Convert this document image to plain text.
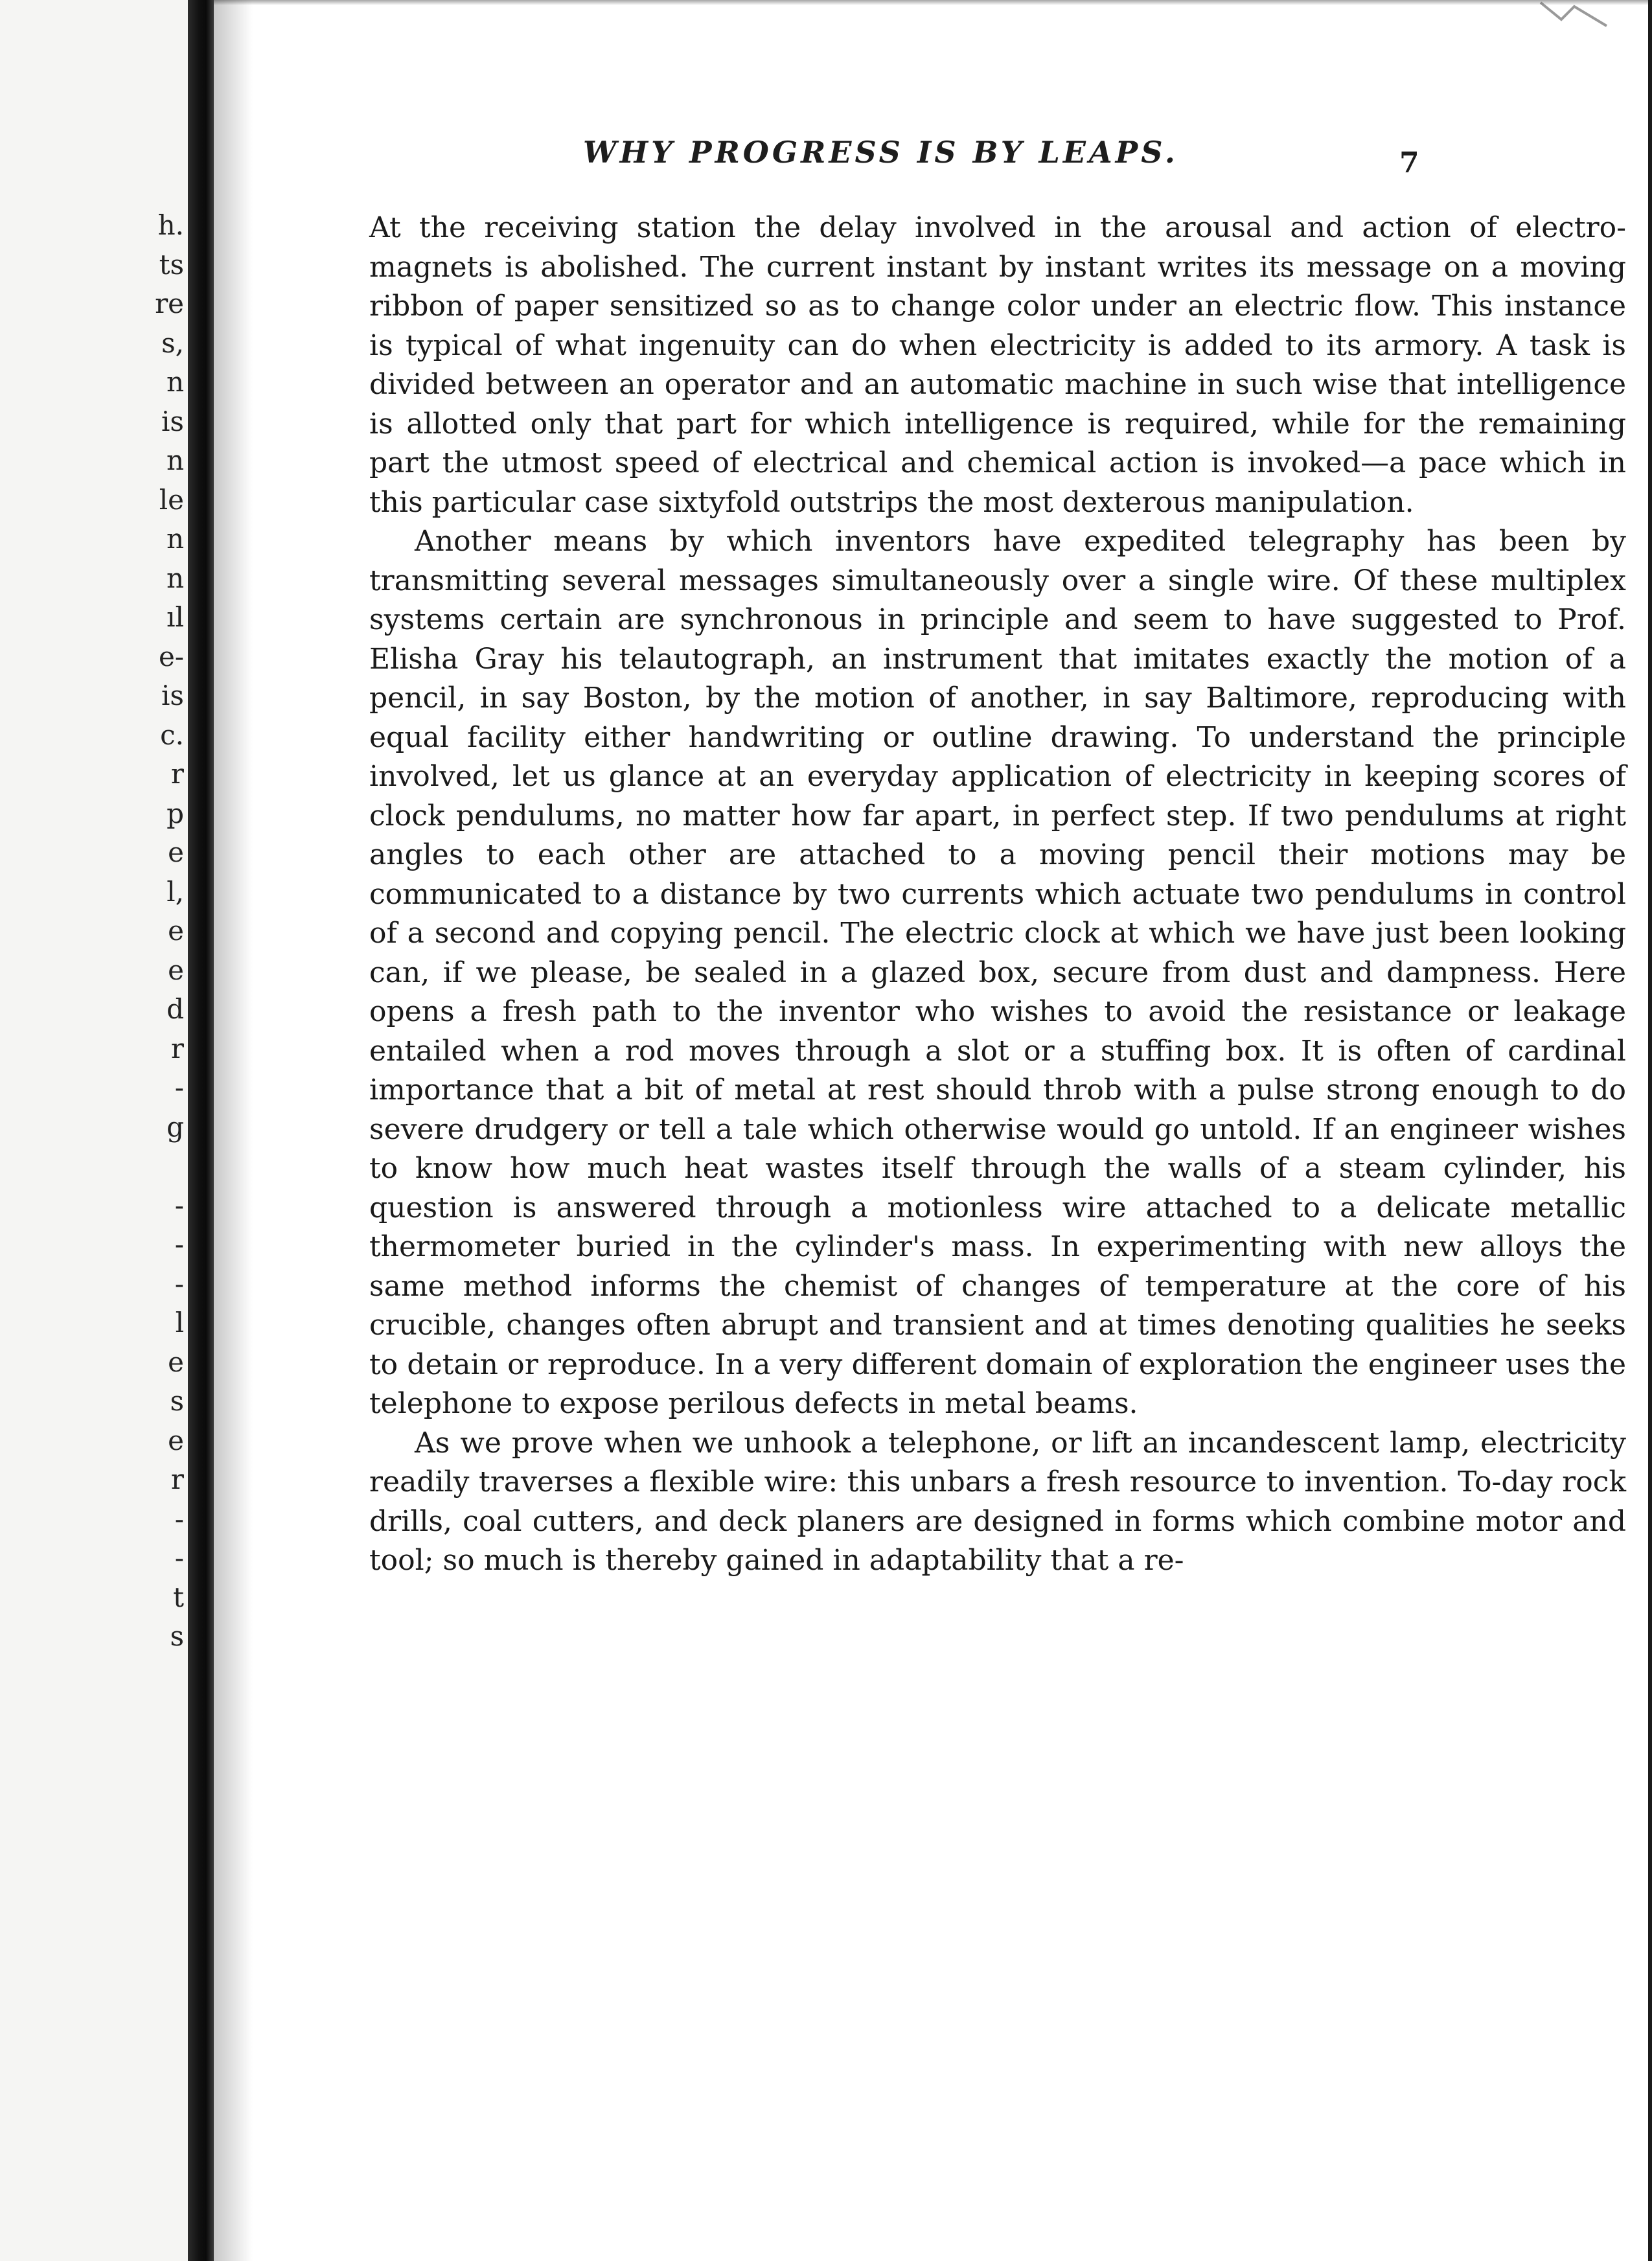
h.
ts
re
s,
n
is
n
le
n
n
ıl
e-
is
c.
r
p
e
l,
e
e
d
r
-
g
-
-
-
l
e
s
e
r
-
-
t
s
WHY PROGRESS IS BY LEAPS.	7

At the receiving station the delay involved in the arousal and action of electro-magnets is abolished. The current instant by instant writes its message on a moving ribbon of paper sensitized so as to change color under an electric flow. This instance is typical of what ingenuity can do when electricity is added to its armory. A task is divided between an operator and an automatic machine in such wise that intelligence is allotted only that part for which intelligence is required, while for the remaining part the utmost speed of electrical and chemical action is invoked—a pace which in this particular case sixtyfold outstrips the most dexterous manipulation.

Another means by which inventors have expedited telegraphy has been by transmitting several messages simultaneously over a single wire. Of these multiplex systems certain are synchronous in principle and seem to have suggested to Prof. Elisha Gray his telautograph, an instrument that imitates exactly the motion of a pencil, in say Boston, by the motion of another, in say Baltimore, reproducing with equal facility either handwriting or outline drawing. To understand the principle involved, let us glance at an everyday application of electricity in keeping scores of clock pendulums, no matter how far apart, in perfect step. If two pendulums at right angles to each other are attached to a moving pencil their motions may be communicated to a distance by two currents which actuate two pendulums in control of a second and copying pencil. The electric clock at which we have just been looking can, if we please, be sealed in a glazed box, secure from dust and dampness. Here opens a fresh path to the inventor who wishes to avoid the resistance or leakage entailed when a rod moves through a slot or a stuffing box. It is often of cardinal importance that a bit of metal at rest should throb with a pulse strong enough to do severe drudgery or tell a tale which otherwise would go untold. If an engineer wishes to know how much heat wastes itself through the walls of a steam cylinder, his question is answered through a motionless wire attached to a delicate metallic thermometer buried in the cylinder's mass. In experimenting with new alloys the same method informs the chemist of changes of temperature at the core of his crucible, changes often abrupt and transient and at times denoting qualities he seeks to detain or reproduce. In a very different domain of exploration the engineer uses the telephone to expose perilous defects in metal beams.

As we prove when we unhook a telephone, or lift an incandescent lamp, electricity readily traverses a flexible wire: this unbars a fresh resource to invention. To-day rock drills, coal cutters, and deck planers are designed in forms which combine motor and tool; so much is thereby gained in adaptability that a re-
